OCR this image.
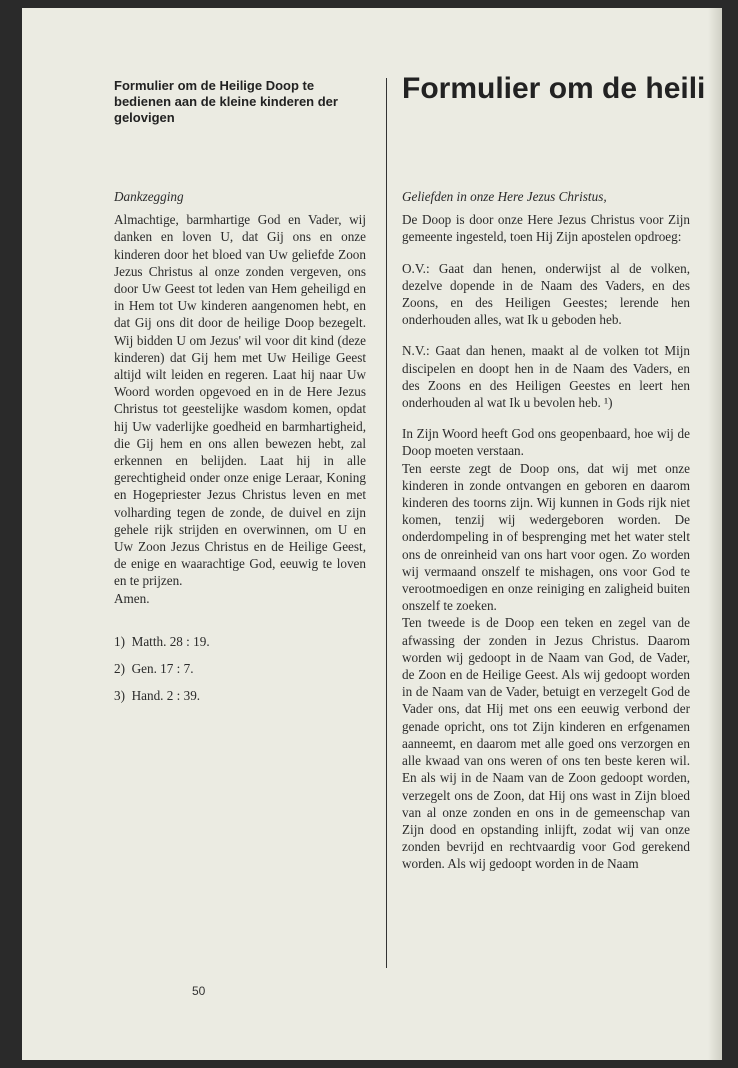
Formulier om de Heilige Doop te bedienen aan de kleine kinderen der gelovigen
Formulier om de heili

Dankzegging

Almachtige, barmhartige God en Vader, wij danken en loven U, dat Gij ons en onze kinderen door het bloed van Uw geliefde Zoon Jezus Christus al onze zonden vergeven, ons door Uw Geest tot leden van Hem geheiligd en in Hem tot Uw kinderen aangenomen hebt, en dat Gij ons dit door de heilige Doop bezegelt. Wij bidden U om Jezus' wil voor dit kind (deze kinderen) dat Gij hem met Uw Heilige Geest altijd wilt leiden en regeren. Laat hij naar Uw Woord worden opgevoed en in de Here Jezus Christus tot geestelijke wasdom komen, opdat hij Uw vaderlijke goedheid en barmhartigheid, die Gij hem en ons allen bewezen hebt, zal erkennen en belijden. Laat hij in alle gerechtigheid onder onze enige Leraar, Koning en Hogepriester Jezus Christus leven en met volharding tegen de zonde, de duivel en zijn gehele rijk strijden en overwinnen, om U en Uw Zoon Jezus Christus en de Heilige Geest, de enige en waarachtige God, eeuwig te loven en te prijzen.

Amen.

1) Matth. 28 : 19.

2) Gen. 17 : 7.

3) Hand. 2 : 39.

Geliefden in onze Here Jezus Christus,

De Doop is door onze Here Jezus Christus voor Zijn gemeente ingesteld, toen Hij Zijn apostelen opdroeg:

O.V.: Gaat dan henen, onderwijst al de volken, dezelve dopende in de Naam des Vaders, en des Zoons, en des Heiligen Geestes; lerende hen onderhouden alles, wat Ik u geboden heb.

N.V.: Gaat dan henen, maakt al de volken tot Mijn discipelen en doopt hen in de Naam des Vaders, en des Zoons en des Heiligen Geestes en leert hen onderhouden al wat Ik u bevolen heb. ¹)

In Zijn Woord heeft God ons geopenbaard, hoe wij de Doop moeten verstaan.

Ten eerste zegt de Doop ons, dat wij met onze kinderen in zonde ontvangen en geboren en daarom kinderen des toorns zijn. Wij kunnen in Gods rijk niet komen, tenzij wij wedergeboren worden. De onderdompeling in of besprenging met het water stelt ons de onreinheid van ons hart voor ogen. Zo worden wij vermaand onszelf te mishagen, ons voor God te verootmoedigen en onze reiniging en zaligheid buiten onszelf te zoeken.

Ten tweede is de Doop een teken en zegel van de afwassing der zonden in Jezus Christus. Daarom worden wij gedoopt in de Naam van God, de Vader, de Zoon en de Heilige Geest. Als wij gedoopt worden in de Naam van de Vader, betuigt en verzegelt God de Vader ons, dat Hij met ons een eeuwig verbond der genade opricht, ons tot Zijn kinderen en erfgenamen aanneemt, en daarom met alle goed ons verzorgen en alle kwaad van ons weren of ons ten beste keren wil. En als wij in de Naam van de Zoon gedoopt worden, verzegelt ons de Zoon, dat Hij ons wast in Zijn bloed van al onze zonden en ons in de gemeenschap van Zijn dood en opstanding inlijft, zodat wij van onze zonden bevrijd en rechtvaardig voor God gerekend worden. Als wij gedoopt worden in de Naam

50
